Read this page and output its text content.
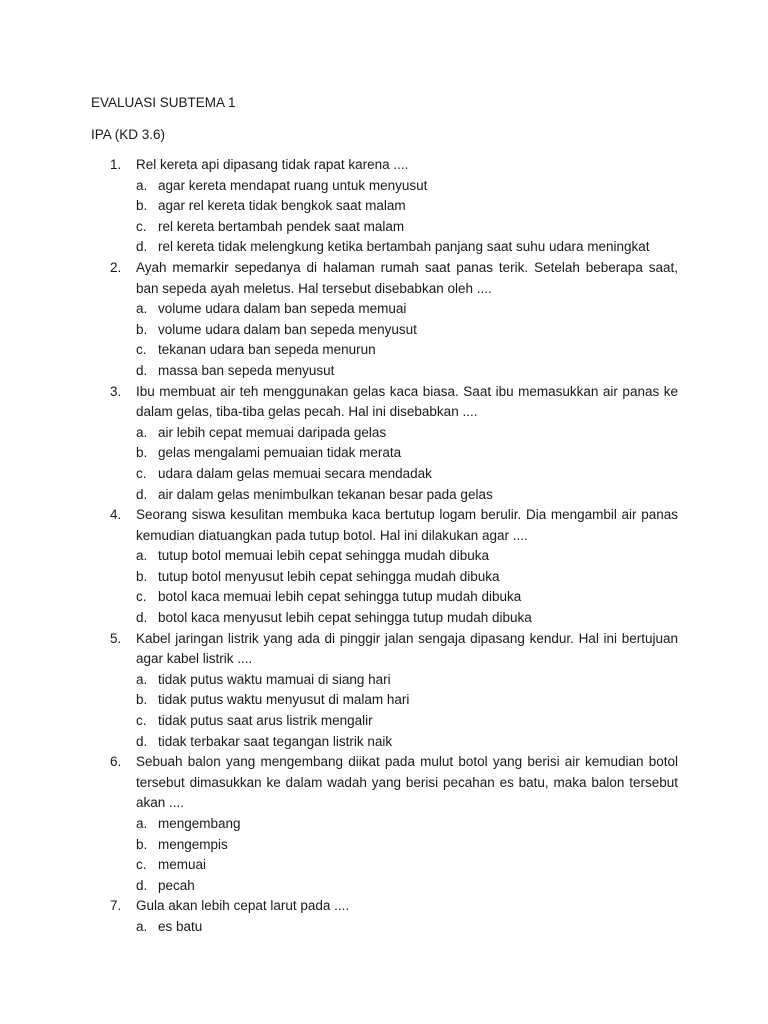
EVALUASI SUBTEMA 1
IPA (KD 3.6)
1. Rel kereta api dipasang tidak rapat karena ....
a. agar kereta mendapat ruang untuk menyusut
b. agar rel kereta tidak bengkok saat malam
c. rel kereta bertambah pendek saat malam
d. rel kereta tidak melengkung ketika bertambah panjang saat suhu udara meningkat
2. Ayah memarkir sepedanya di halaman rumah saat panas terik. Setelah beberapa saat, ban sepeda ayah meletus. Hal tersebut disebabkan oleh ....
a. volume udara dalam ban sepeda memuai
b. volume udara dalam ban sepeda menyusut
c. tekanan udara ban sepeda menurun
d. massa ban sepeda menyusut
3. Ibu membuat air teh menggunakan gelas kaca biasa. Saat ibu memasukkan air panas ke dalam gelas, tiba-tiba gelas pecah. Hal ini disebabkan ....
a. air lebih cepat memuai daripada gelas
b. gelas mengalami pemuaian tidak merata
c. udara dalam gelas memuai secara mendadak
d. air dalam gelas menimbulkan tekanan besar pada gelas
4. Seorang siswa kesulitan membuka kaca bertutup logam berulir. Dia mengambil air panas kemudian diatuangkan pada tutup botol. Hal ini dilakukan agar ....
a. tutup botol memuai lebih cepat sehingga mudah dibuka
b. tutup botol menyusut lebih cepat sehingga mudah dibuka
c. botol kaca memuai lebih cepat sehingga tutup mudah dibuka
d. botol kaca menyusut lebih cepat sehingga tutup mudah dibuka
5. Kabel jaringan listrik yang ada di pinggir jalan sengaja dipasang kendur. Hal ini bertujuan agar kabel listrik ....
a. tidak putus waktu mamuai di siang hari
b. tidak putus waktu menyusut di malam hari
c. tidak putus saat arus listrik mengalir
d. tidak terbakar saat tegangan listrik naik
6. Sebuah balon yang mengembang diikat pada mulut botol yang berisi air kemudian botol tersebut dimasukkan ke dalam wadah yang berisi pecahan es batu, maka balon tersebut akan ....
a. mengembang
b. mengempis
c. memuai
d. pecah
7. Gula akan lebih cepat larut pada ....
a. es batu
